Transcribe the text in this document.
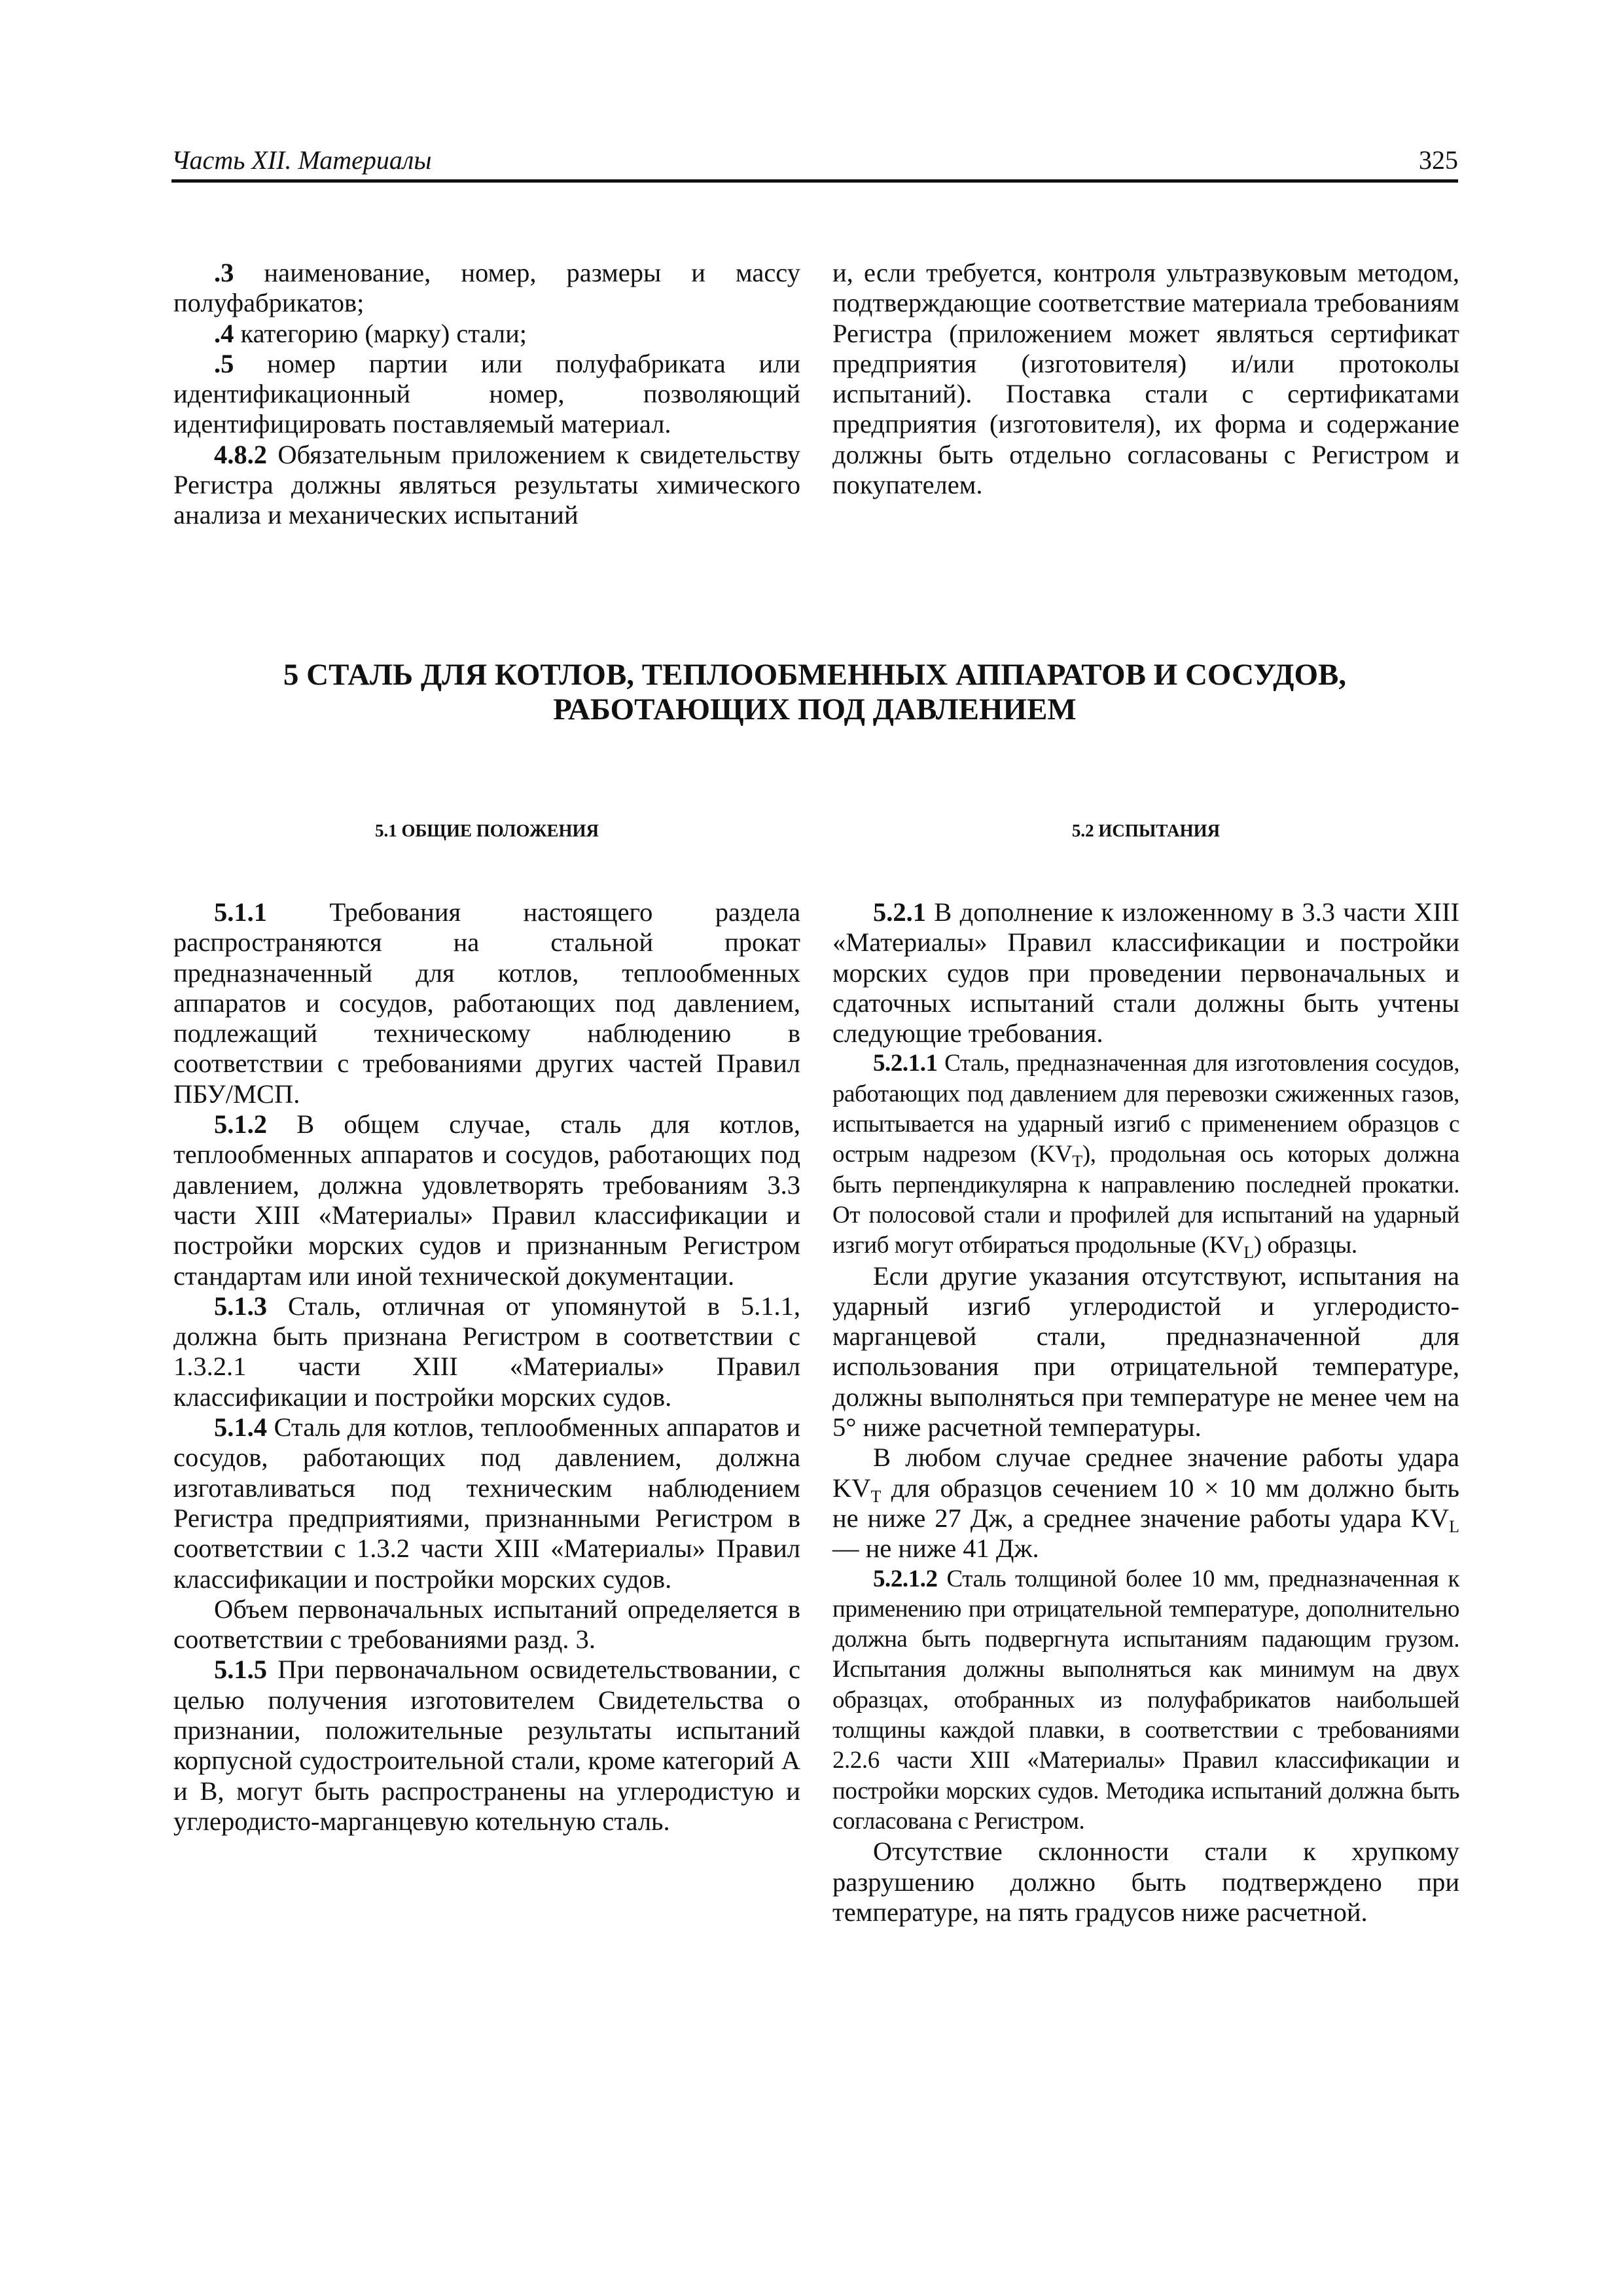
Часть XII. Материалы	325

.3 наименование, номер, размеры и массу полуфабрикатов;

.4 категорию (марку) стали;

.5 номер партии или полуфабриката или идентификационный номер, позволяющий идентифицировать поставляемый материал.

4.8.2 Обязательным приложением к свидетельству Регистра должны являться результаты химического анализа и механических испытаний

и, если требуется, контроля ультразвуковым методом, подтверждающие соответствие материала требованиям Регистра (приложением может являться сертификат предприятия (изготовителя) и/или протоколы испытаний). Поставка стали с сертификатами предприятия (изготовителя), их форма и содержание должны быть отдельно согласованы с Регистром и покупателем.

5 СТАЛЬ ДЛЯ КОТЛОВ, ТЕПЛООБМЕННЫХ АППАРАТОВ И СОСУДОВ,
РАБОТАЮЩИХ ПОД ДАВЛЕНИЕМ
5.1 ОБЩИЕ ПОЛОЖЕНИЯ	5.2 ИСПЫТАНИЯ

5.1.1 Требования настоящего раздела распространяются на стальной прокат предназначенный для котлов, теплообменных аппаратов и сосудов, работающих под давлением, подлежащий техническому наблюдению в соответствии с требованиями других частей Правил ПБУ/МСП.

5.1.2 В общем случае, сталь для котлов, теплообменных аппаратов и сосудов, работающих под давлением, должна удовлетворять требованиям 3.3 части XIII «Материалы» Правил классификации и постройки морских судов и признанным Регистром стандартам или иной технической документации.

5.1.3 Сталь, отличная от упомянутой в 5.1.1, должна быть признана Регистром в соответствии с 1.3.2.1 части XIII «Материалы» Правил классификации и постройки морских судов.

5.1.4 Сталь для котлов, теплообменных аппаратов и сосудов, работающих под давлением, должна изготавливаться под техническим наблюдением Регистра предприятиями, признанными Регистром в соответствии с 1.3.2 части XIII «Материалы» Правил классификации и постройки морских судов.

Объем первоначальных испытаний определяется в соответствии с требованиями разд. 3.

5.1.5 При первоначальном освидетельствовании, с целью получения изготовителем Свидетельства о признании, положительные результаты испытаний корпусной судостроительной стали, кроме категорий А и В, могут быть распространены на углеродистую и углеродисто-марганцевую котельную сталь.

5.2.1 В дополнение к изложенному в 3.3 части XIII «Материалы» Правил классификации и постройки морских судов при проведении первоначальных и сдаточных испытаний стали должны быть учтены следующие требования.

5.2.1.1 Сталь, предназначенная для изготовления сосудов, работающих под давлением для перевозки сжиженных газов, испытывается на ударный изгиб с применением образцов с острым надрезом $(KV_Т)$, продольная ось которых должна быть перпендикулярна к направлению последней прокатки. От полосовой стали и профилей для испытаний на ударный изгиб могут отбираться продольные $(KV_L)$ образцы.

Если другие указания отсутствуют, испытания на ударный изгиб углеродистой и углеродисто-марганцевой стали, предназначенной для использования при отрицательной температуре, должны выполняться при температуре не менее чем на 5° ниже расчетной температуры.

В любом случае среднее значение работы удара $KV_T$ для образцов сечением 10 × 10 мм должно быть не ниже 27 Дж, а среднее значение работы удара $KV_L$ — не ниже 41 Дж.

5.2.1.2 Сталь толщиной более 10 мм, предназначенная к применению при отрицательной температуре, дополнительно должна быть подвергнута испытаниям падающим грузом. Испытания должны выполняться как минимум на двух образцах, отобранных из полуфабрикатов наибольшей толщины каждой плавки, в соответствии с требованиями 2.2.6 части XIII «Материалы» Правил классификации и постройки морских судов. Методика испытаний должна быть согласована с Регистром.

Отсутствие склонности стали к хрупкому разрушению должно быть подтверждено при температуре, на пять градусов ниже расчетной.
